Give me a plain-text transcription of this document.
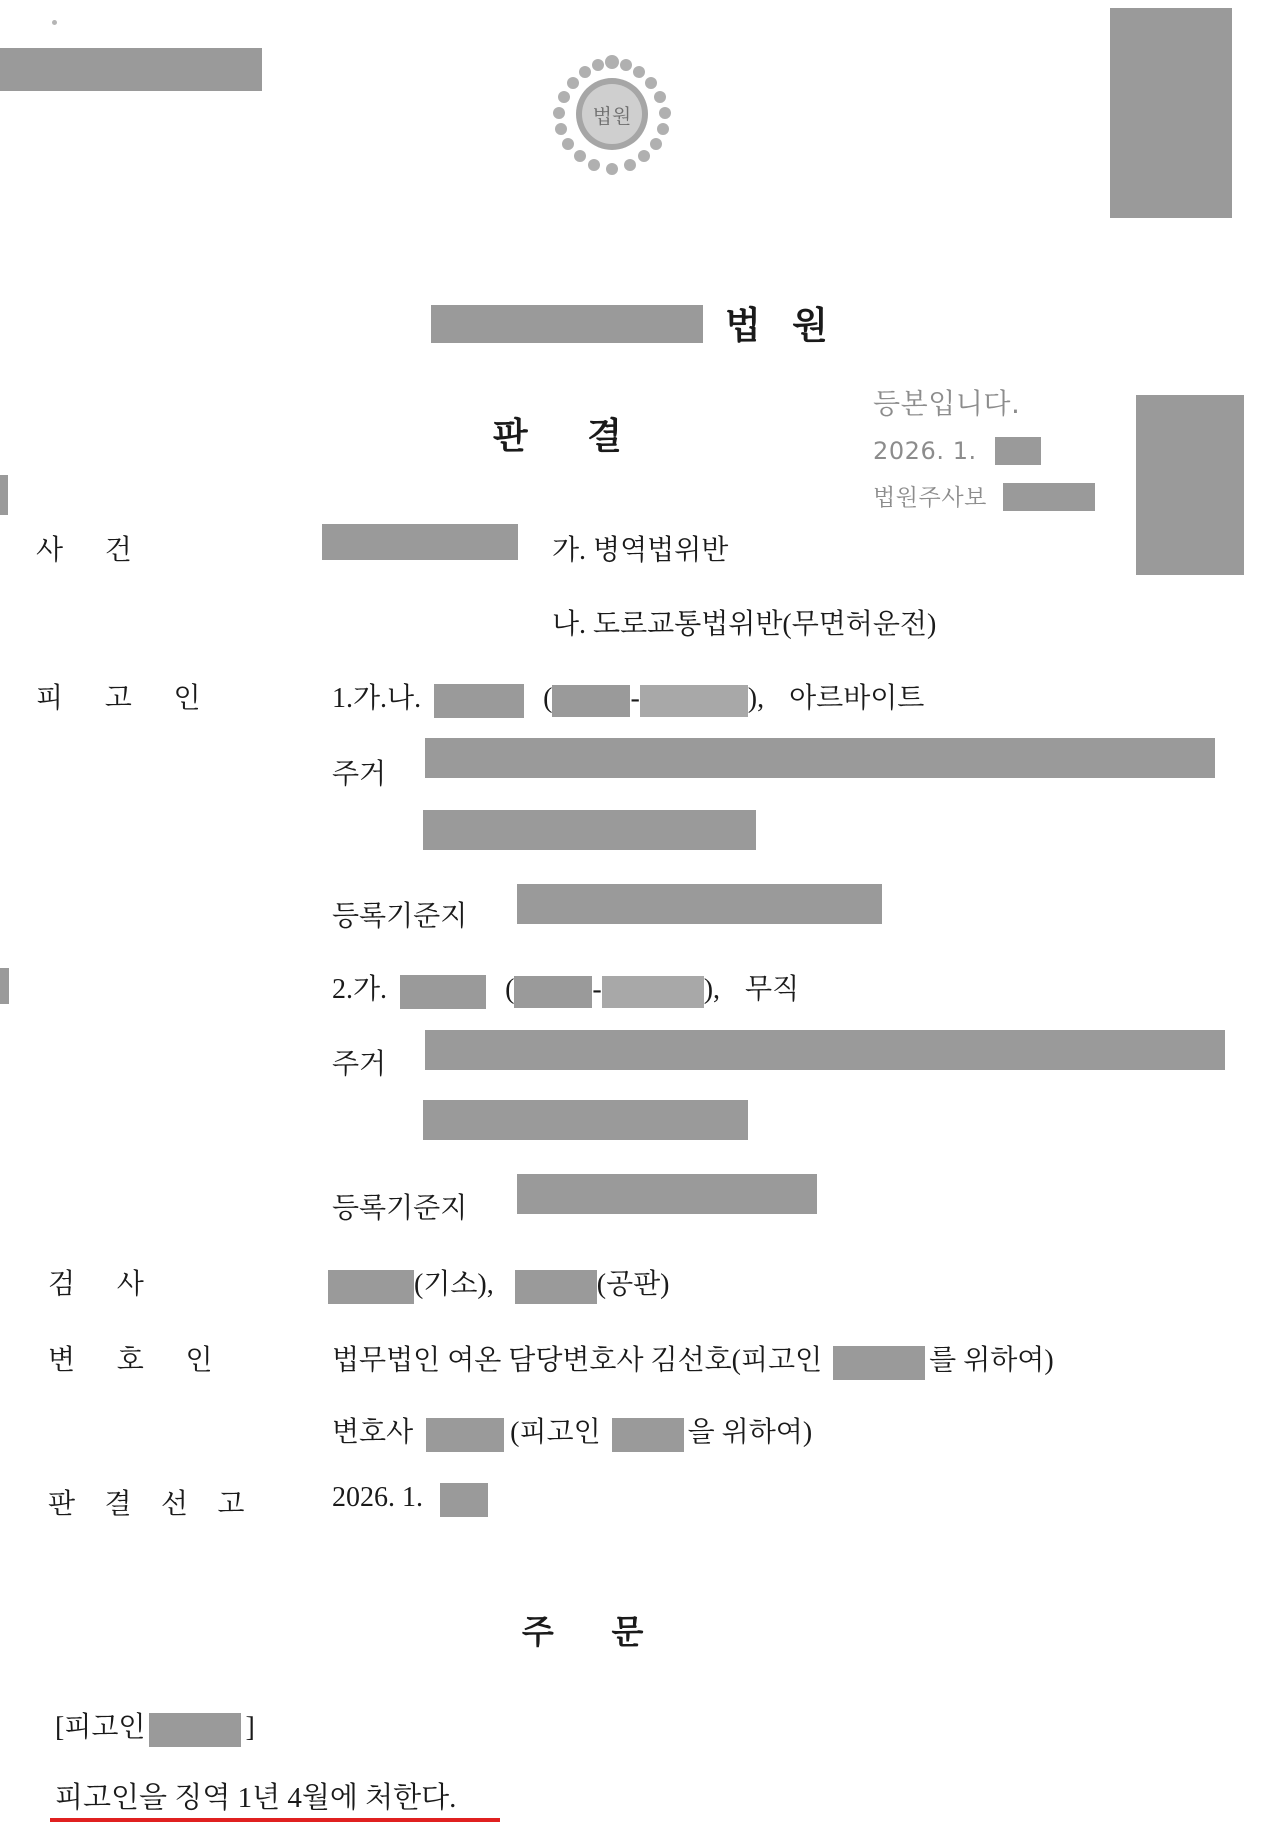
법원
법 원
판 결
등본입니다.
2026. 1.
법원주사보
사 건	가. 병역법위반
나. 도로교통법위반(무면허운전)
피 고 인	1.가.나.	(	-	), 아르바이트
주거
등록기준지
2.가.	(	-	), 무직
주거
등록기준지
검 사	(기소),	(공판)
변 호 인	법무법인 여온 담당변호사 김선호(피고인	를 위하여)
변호사	(피고인	을 위하여)
판 결 선 고	2026. 1.
주 문
[피고인	]
피고인을 징역 1년 4월에 처한다.
